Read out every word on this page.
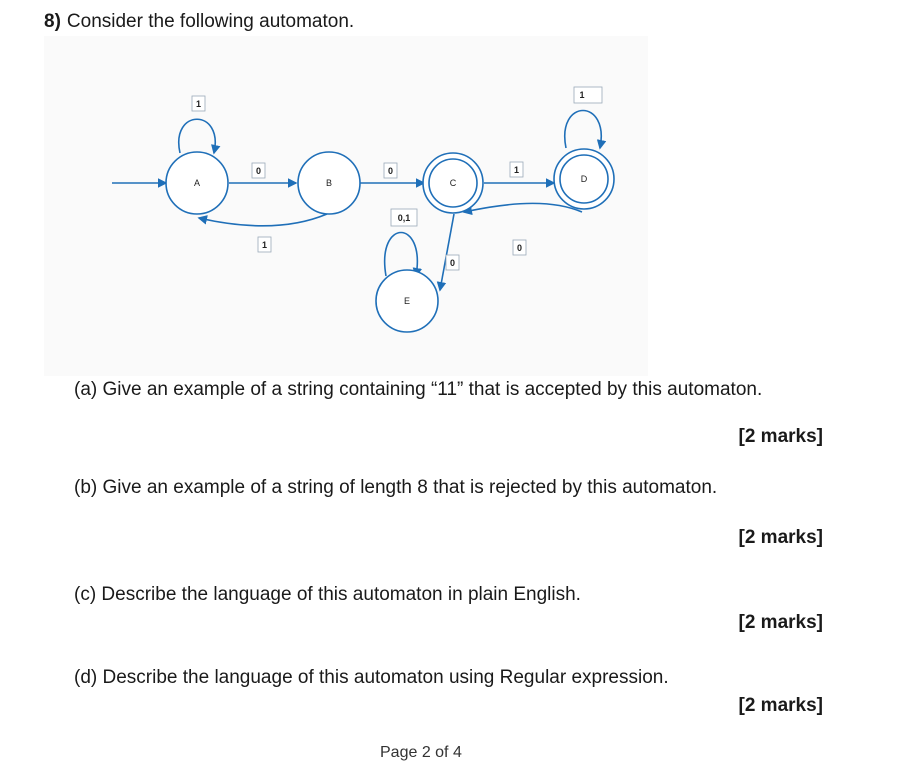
8) Consider the following automaton.
A	B	C	D
E
1
0
1
0	1
0
1
0
0,1
(a) Give an example of a string containing “11” that is accepted by this automaton.
[2 marks]
(b) Give an example of a string of length 8 that is rejected by this automaton.
[2 marks]
(c) Describe the language of this automaton in plain English.
[2 marks]
(d) Describe the language of this automaton using Regular expression.
[2 marks]
Page 2 of 4
